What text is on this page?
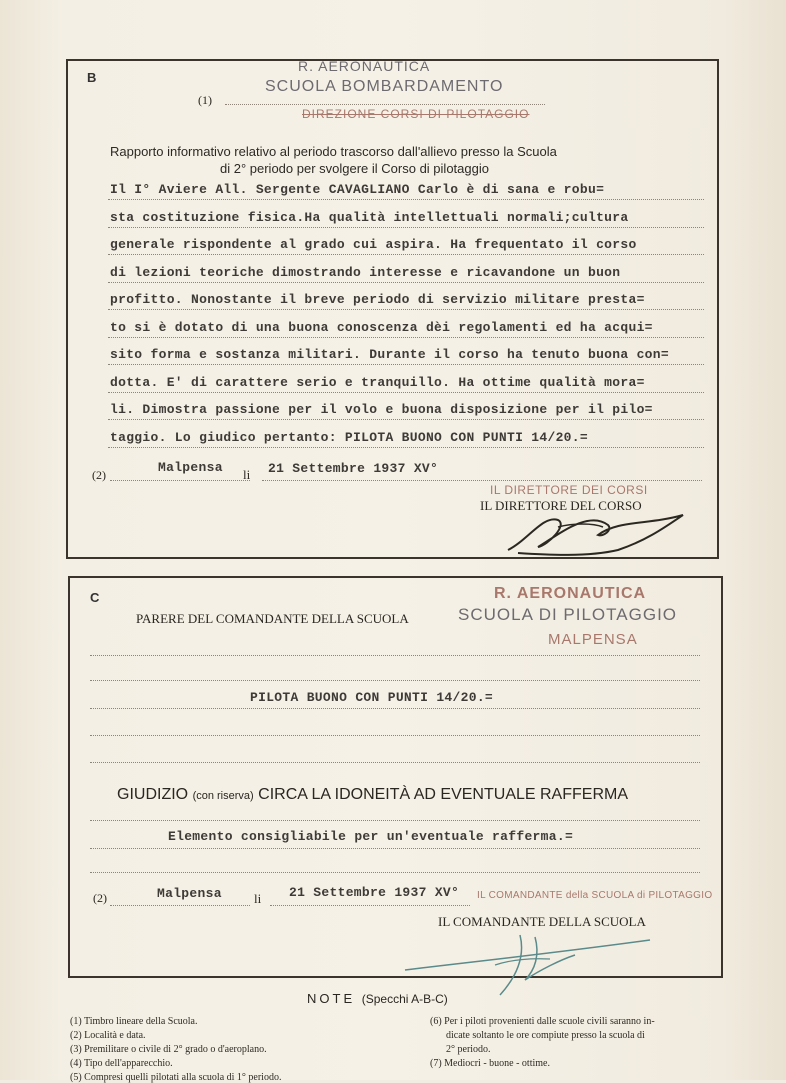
B
(1)
R. AERONAUTICA
SCUOLA BOMBARDAMENTO
DIREZIONE CORSI DI PILOTAGGIO
Rapporto informativo relativo al periodo trascorso dall'allievo presso la Scuola
di 2° periodo per svolgere il Corso di pilotaggio
Il I° Aviere All. Sergente CAVAGLIANO Carlo è di sana e robu=
sta costituzione fisica.Ha qualità intellettuali normali;cultura
generale rispondente al grado cui aspira. Ha frequentato il corso
di lezioni teoriche dimostrando interesse e ricavandone un buon
profitto. Nonostante il breve periodo di servizio militare presta=
to si è dotato di una buona conoscenza dèi regolamenti ed ha acqui=
sito forma e sostanza militari. Durante il corso ha tenuto buona con=
dotta. E' di carattere serio e tranquillo. Ha ottime qualità mora=
li. Dimostra passione per il volo e buona disposizione per il pilo=
taggio. Lo giudico pertanto: PILOTA BUONO CON PUNTI 14/20.=
(2)	Malpensa li 21 Settembre 1937 XV°
IL DIRETTORE DEI CORSI
IL DIRETTORE DEL CORSO
C
PARERE DEL COMANDANTE DELLA SCUOLA
R. AERONAUTICA
SCUOLA DI PILOTAGGIO
MALPENSA
PILOTA BUONO CON PUNTI 14/20.=
GIUDIZIO (con riserva) CIRCA LA IDONEITÀ AD EVENTUALE RAFFERMA
Elemento consigliabile per un'eventuale rafferma.=
(2)	Malpensa li 21 Settembre 1937 XV° IL COMANDANTE della SCUOLA di PILOTAGGIO
IL COMANDANTE DELLA SCUOLA
NOTE (Specchi A-B-C)
(1) Timbro lineare della Scuola.
(2) Località e data.
(3) Premilitare o civile di 2° grado o d'aeroplano.
(4) Tipo dell'apparecchio.
(5) Compresi quelli pilotati alla scuola di 1° periodo.
(6) Per i piloti provenienti dalle scuole civili saranno in-
dicate soltanto le ore compiute presso la scuola di
2° periodo.
(7) Mediocri - buone - ottime.
